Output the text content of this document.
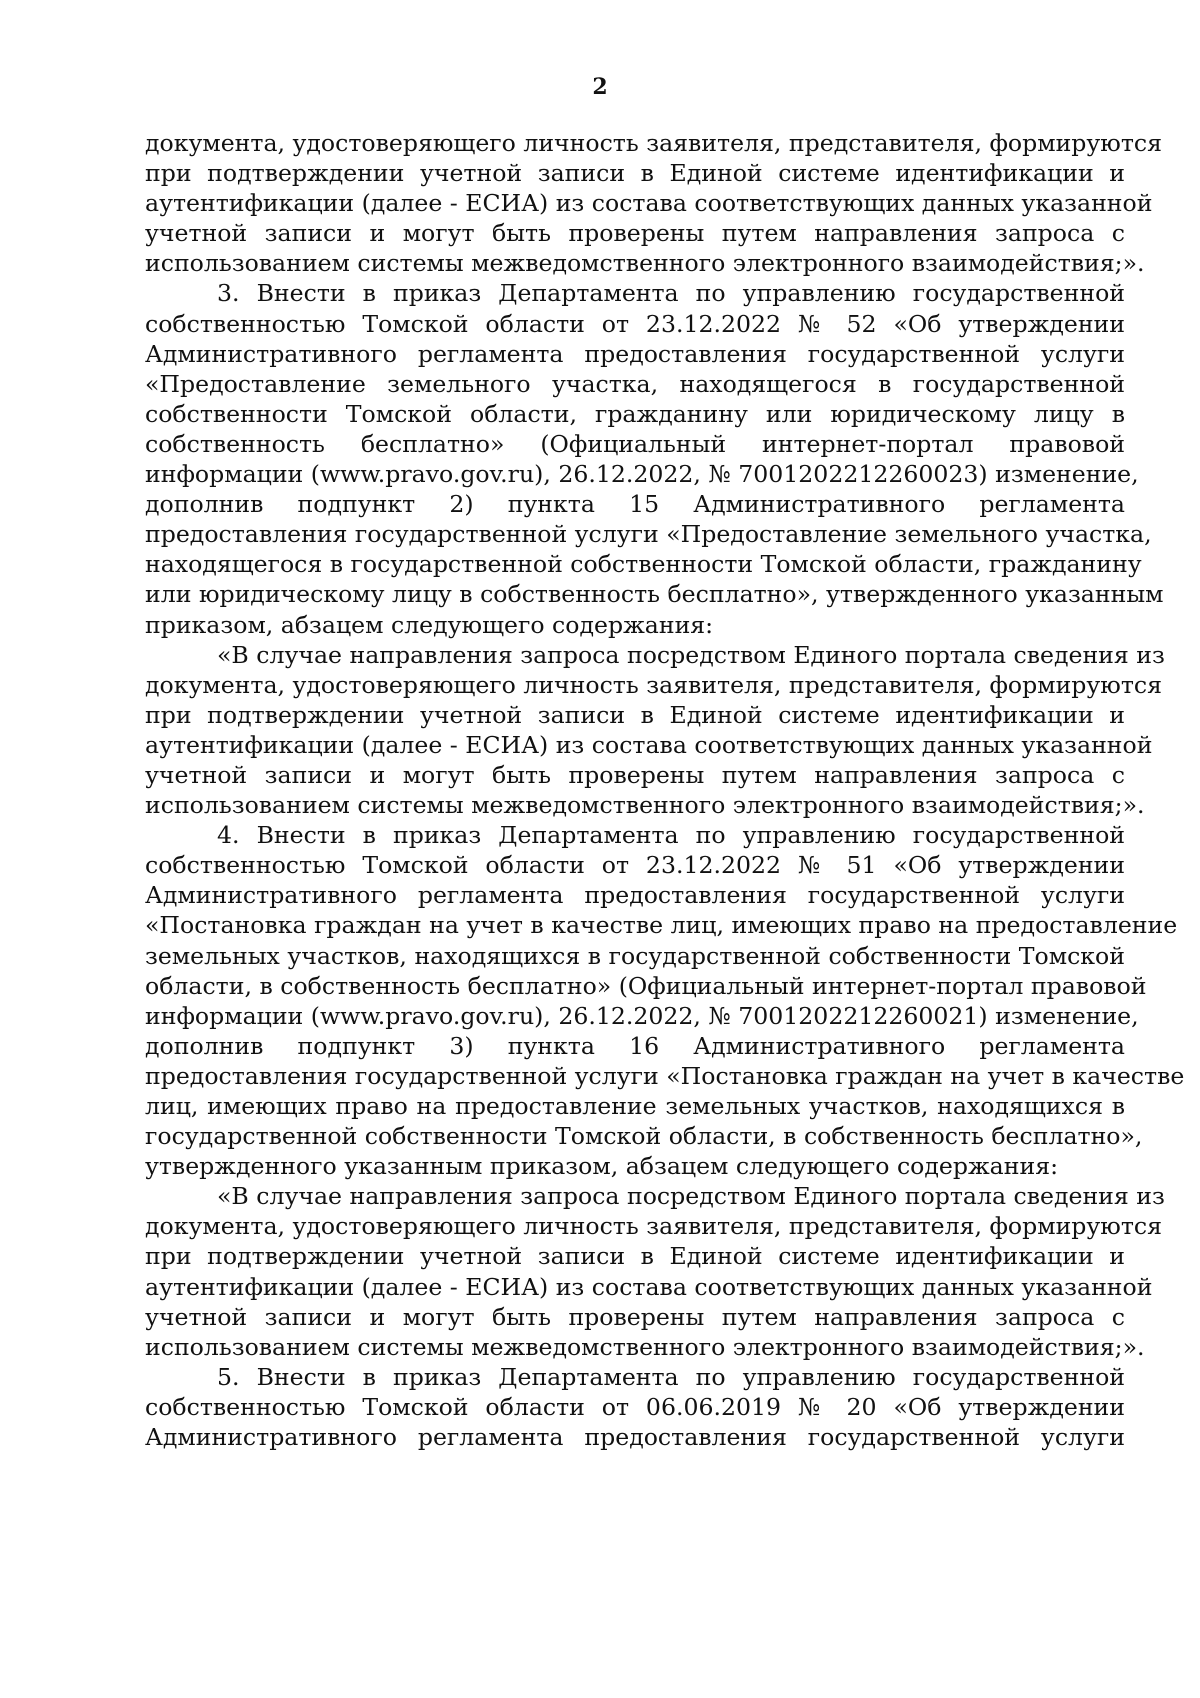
2
документа, удостоверяющего личность заявителя, представителя, формируются
при подтверждении учетной записи в Единой системе идентификации и
аутентификации (далее - ЕСИА) из состава соответствующих данных указанной
учетной записи и могут быть проверены путем направления запроса с
использованием системы межведомственного электронного взаимодействия;».
3. Внести в приказ Департамента по управлению государственной
собственностью Томской области от 23.12.2022 № 52 «Об утверждении
Административного регламента предоставления государственной услуги
«Предоставление земельного участка, находящегося в государственной
собственности Томской области, гражданину или юридическому лицу в
собственность бесплатно» (Официальный интернет-портал правовой
информации (www.pravo.gov.ru), 26.12.2022, № 7001202212260023) изменение,
дополнив подпункт 2) пункта 15 Административного регламента
предоставления государственной услуги «Предоставление земельного участка,
находящегося в государственной собственности Томской области, гражданину
или юридическому лицу в собственность бесплатно», утвержденного указанным
приказом, абзацем следующего содержания:
«В случае направления запроса посредством Единого портала сведения из
документа, удостоверяющего личность заявителя, представителя, формируются
при подтверждении учетной записи в Единой системе идентификации и
аутентификации (далее - ЕСИА) из состава соответствующих данных указанной
учетной записи и могут быть проверены путем направления запроса с
использованием системы межведомственного электронного взаимодействия;».
4. Внести в приказ Департамента по управлению государственной
собственностью Томской области от 23.12.2022 № 51 «Об утверждении
Административного регламента предоставления государственной услуги
«Постановка граждан на учет в качестве лиц, имеющих право на предоставление
земельных участков, находящихся в государственной собственности Томской
области, в собственность бесплатно» (Официальный интернет-портал правовой
информации (www.pravo.gov.ru), 26.12.2022, № 7001202212260021) изменение,
дополнив подпункт 3) пункта 16 Административного регламента
предоставления государственной услуги «Постановка граждан на учет в качестве
лиц, имеющих право на предоставление земельных участков, находящихся в
государственной собственности Томской области, в собственность бесплатно»,
утвержденного указанным приказом, абзацем следующего содержания:
«В случае направления запроса посредством Единого портала сведения из
документа, удостоверяющего личность заявителя, представителя, формируются
при подтверждении учетной записи в Единой системе идентификации и
аутентификации (далее - ЕСИА) из состава соответствующих данных указанной
учетной записи и могут быть проверены путем направления запроса с
использованием системы межведомственного электронного взаимодействия;».
5. Внести в приказ Департамента по управлению государственной
собственностью Томской области от 06.06.2019 № 20 «Об утверждении
Административного регламента предоставления государственной услуги
